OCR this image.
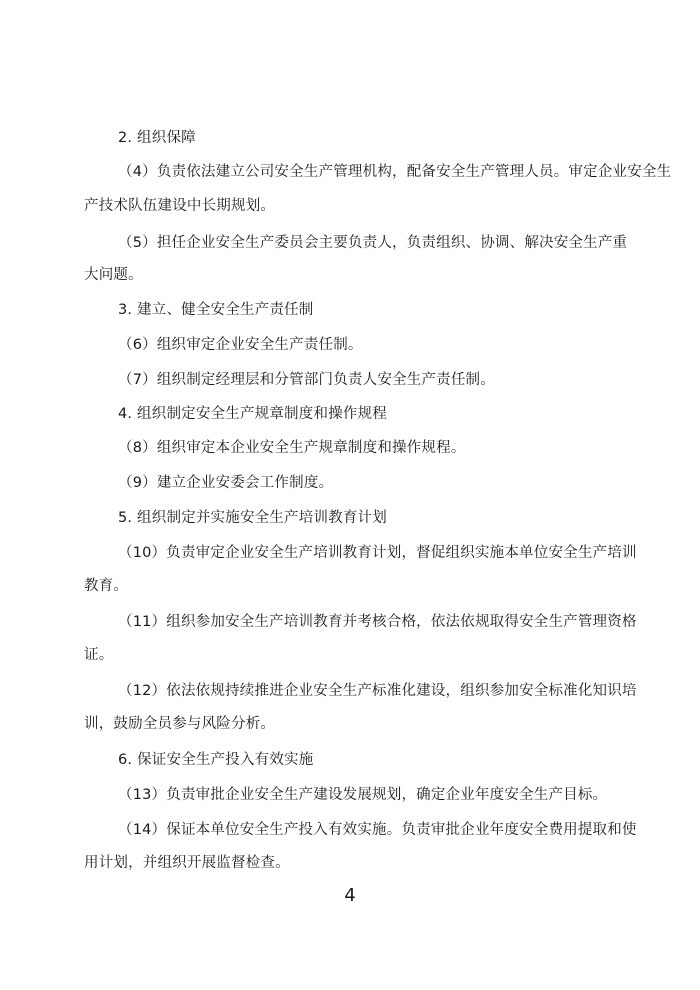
2. 组织保障
（4）负责依法建立公司安全生产管理机构，配备安全生产管理人员。审定企业安全生
产技术队伍建设中长期规划。
（5）担任企业安全生产委员会主要负责人，负责组织、协调、解决安全生产重
大问题。
3. 建立、健全安全生产责任制
（6）组织审定企业安全生产责任制。
（7）组织制定经理层和分管部门负责人安全生产责任制。
4. 组织制定安全生产规章制度和操作规程
（8）组织审定本企业安全生产规章制度和操作规程。
（9）建立企业安委会工作制度。
5. 组织制定并实施安全生产培训教育计划
（10）负责审定企业安全生产培训教育计划，督促组织实施本单位安全生产培训
教育。
（11）组织参加安全生产培训教育并考核合格，依法依规取得安全生产管理资格
证。
（12）依法依规持续推进企业安全生产标准化建设，组织参加安全标准化知识培
训，鼓励全员参与风险分析。
6. 保证安全生产投入有效实施
（13）负责审批企业安全生产建设发展规划，确定企业年度安全生产目标。
（14）保证本单位安全生产投入有效实施。负责审批企业年度安全费用提取和使
用计划，并组织开展监督检查。
4
